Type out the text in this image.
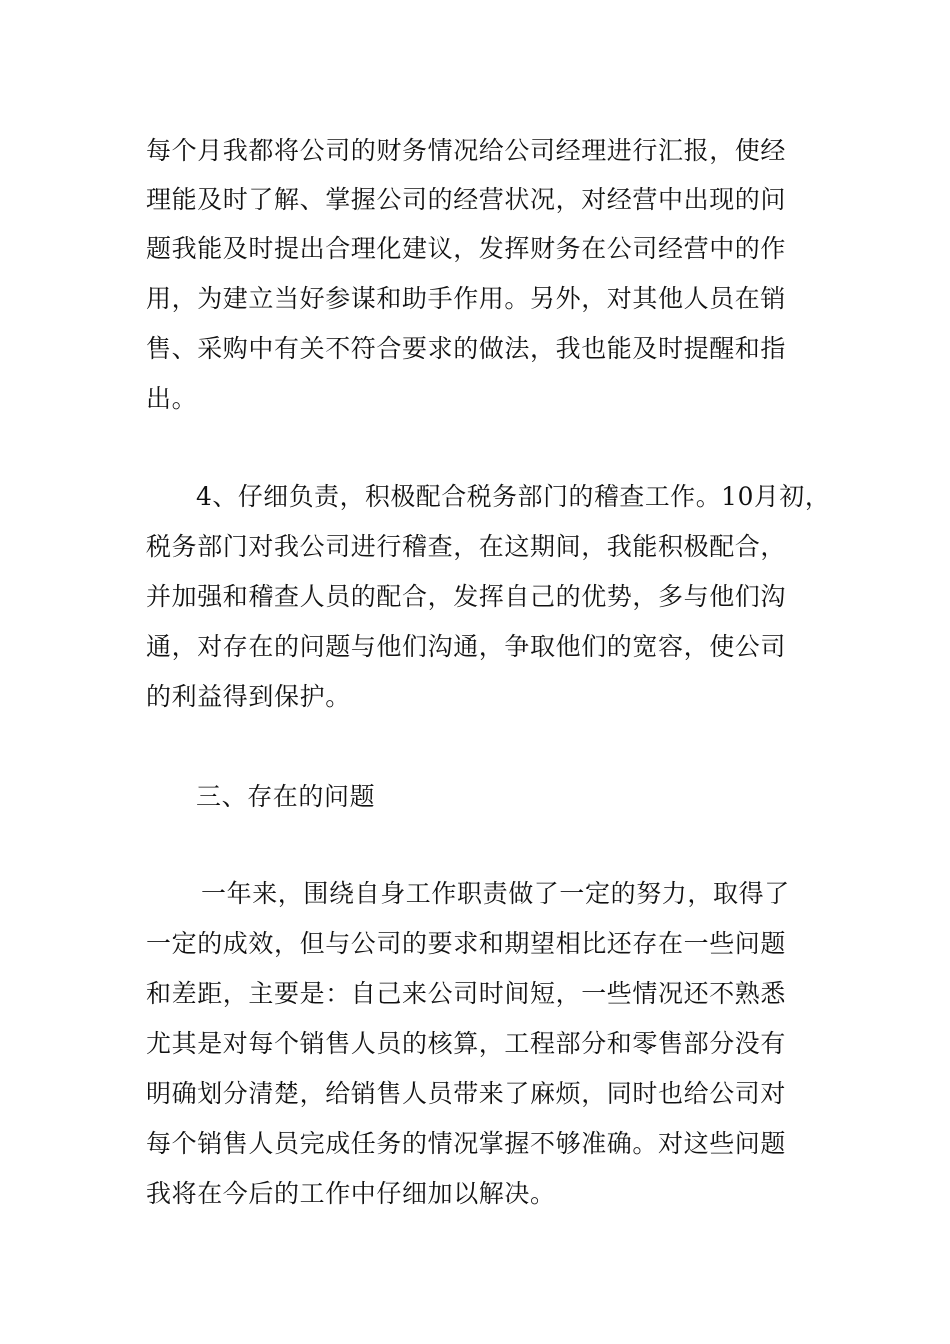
每个月我都将公司的财务情况给公司经理进行汇报，使经
理能及时了解、掌握公司的经营状况，对经营中出现的问
题我能及时提出合理化建议，发挥财务在公司经营中的作
用，为建立当好参谋和助手作用。另外，对其他人员在销
售、采购中有关不符合要求的做法，我也能及时提醒和指
出。
4、仔细负责，积极配合税务部门的稽查工作。10月初，
税务部门对我公司进行稽查，在这期间，我能积极配合，
并加强和稽查人员的配合，发挥自己的优势，多与他们沟
通，对存在的问题与他们沟通，争取他们的宽容，使公司
的利益得到保护。
三、存在的问题
一年来，围绕自身工作职责做了一定的努力，取得了
一定的成效，但与公司的要求和期望相比还存在一些问题
和差距，主要是：自己来公司时间短，一些情况还不熟悉
尤其是对每个销售人员的核算，工程部分和零售部分没有
明确划分清楚，给销售人员带来了麻烦，同时也给公司对
每个销售人员完成任务的情况掌握不够准确。对这些问题
我将在今后的工作中仔细加以解决。
